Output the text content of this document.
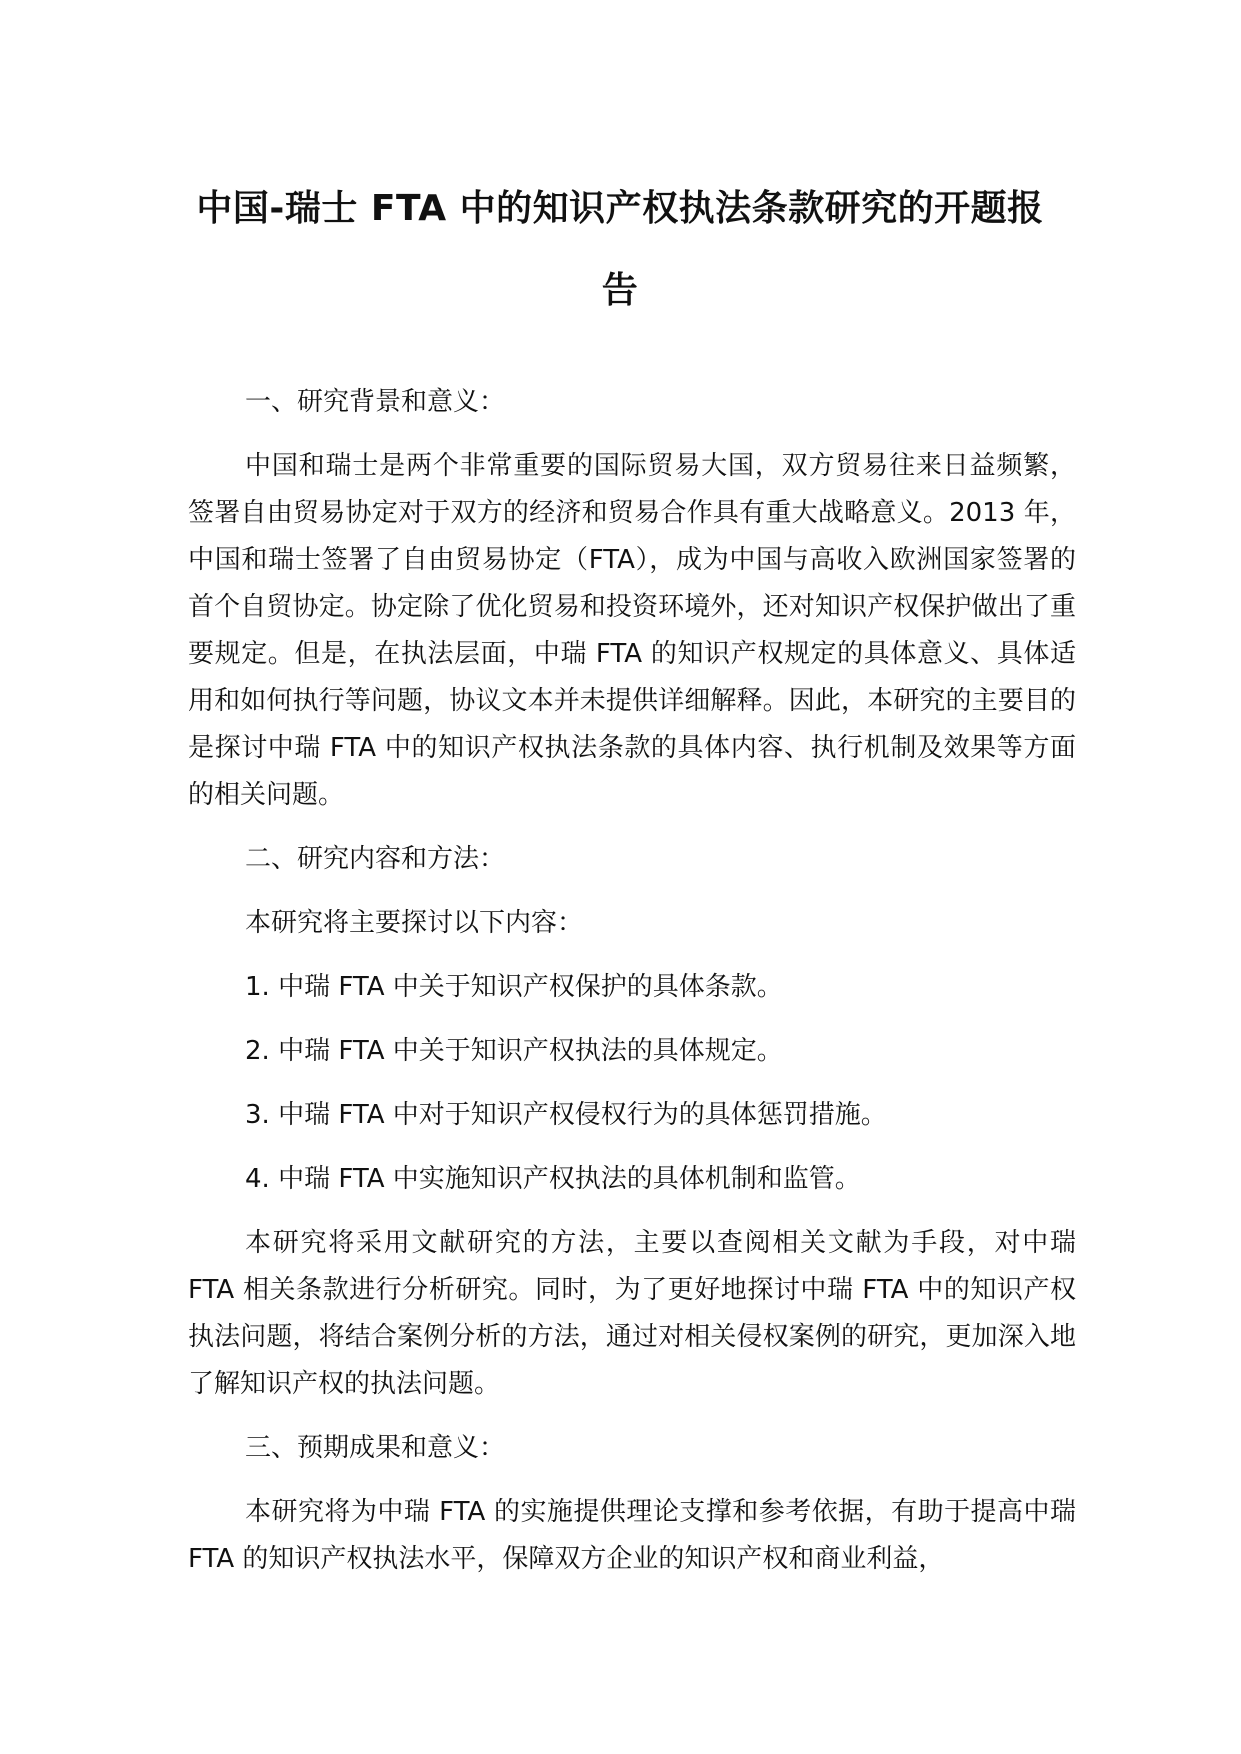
中国-瑞士 FTA 中的知识产权执法条款研究的开题报告

一、研究背景和意义：

中国和瑞士是两个非常重要的国际贸易大国，双方贸易往来日益频繁，签署自由贸易协定对于双方的经济和贸易合作具有重大战略意义。2013 年，中国和瑞士签署了自由贸易协定（FTA），成为中国与高收入欧洲国家签署的首个自贸协定。协定除了优化贸易和投资环境外，还对知识产权保护做出了重要规定。但是，在执法层面，中瑞 FTA 的知识产权规定的具体意义、具体适用和如何执行等问题，协议文本并未提供详细解释。因此，本研究的主要目的是探讨中瑞 FTA 中的知识产权执法条款的具体内容、执行机制及效果等方面的相关问题。

二、研究内容和方法：

本研究将主要探讨以下内容：

1. 中瑞 FTA 中关于知识产权保护的具体条款。

2. 中瑞 FTA 中关于知识产权执法的具体规定。

3. 中瑞 FTA 中对于知识产权侵权行为的具体惩罚措施。

4. 中瑞 FTA 中实施知识产权执法的具体机制和监管。

本研究将采用文献研究的方法，主要以查阅相关文献为手段，对中瑞 FTA 相关条款进行分析研究。同时，为了更好地探讨中瑞 FTA 中的知识产权执法问题，将结合案例分析的方法，通过对相关侵权案例的研究，更加深入地了解知识产权的执法问题。

三、预期成果和意义：

本研究将为中瑞 FTA 的实施提供理论支撑和参考依据，有助于提高中瑞 FTA 的知识产权执法水平，保障双方企业的知识产权和商业利益，
